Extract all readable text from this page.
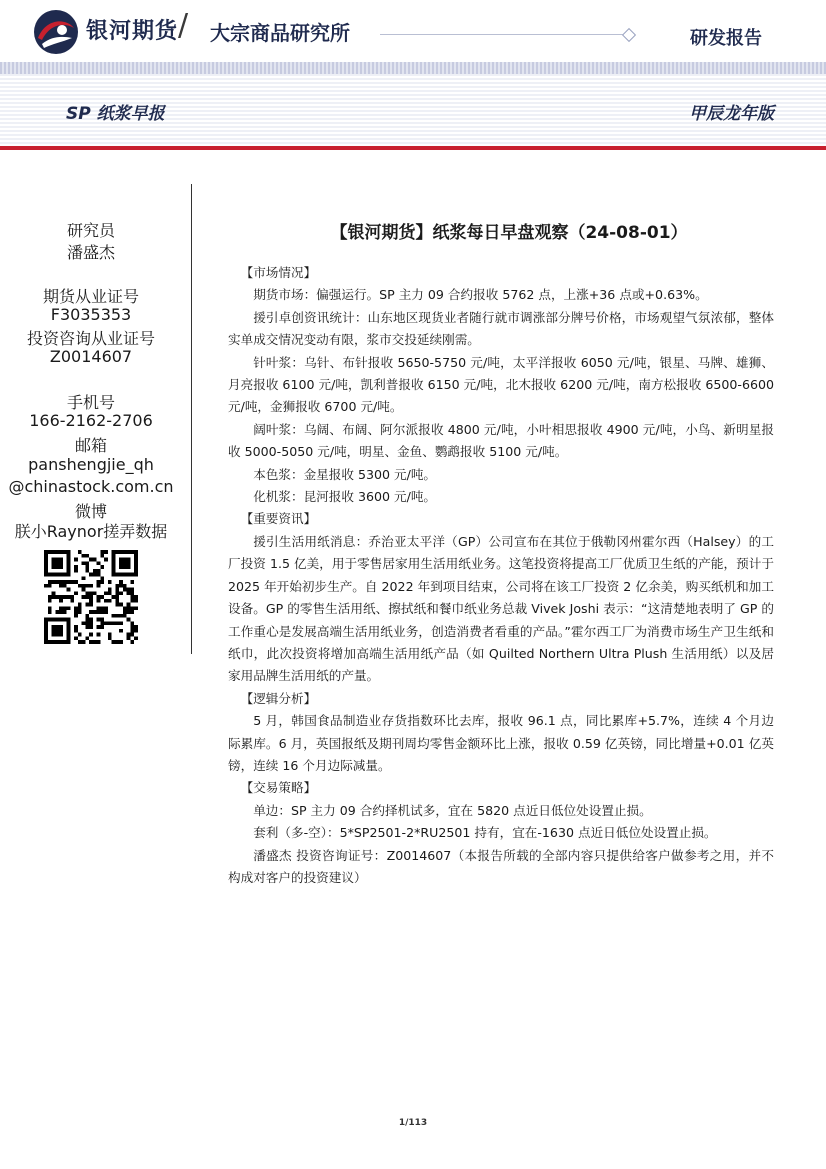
银河期货 / 大宗商品研究所	研发报告
SP 纸浆早报	甲辰龙年版
研究员
潘盛杰
期货从业证号
F3035353
投资咨询从业证号
Z0014607
手机号
166-2162-2706
邮箱
panshengjie_qh
@chinastock.com.cn
微博
朕小Raynor搓弄数据
【银河期货】纸浆每日早盘观察（24-08-01）

【市场情况】

期货市场：偏强运行。SP 主力 09 合约报收 5762 点，上涨+36 点或+0.63%。

援引卓创资讯统计：山东地区现货业者随行就市调涨部分牌号价格，市场观望气氛浓郁，整体实单成交情况变动有限，浆市交投延续刚需。

针叶浆：乌针、布针报收 5650-5750 元/吨，太平洋报收 6050 元/吨，银星、马牌、雄狮、月亮报收 6100 元/吨，凯利普报收 6150 元/吨，北木报收 6200 元/吨，南方松报收 6500-6600 元/吨，金狮报收 6700 元/吨。

阔叶浆：乌阔、布阔、阿尔派报收 4800 元/吨，小叶相思报收 4900 元/吨，小鸟、新明星报收 5000-5050 元/吨，明星、金鱼、鹦鹉报收 5100 元/吨。

本色浆：金星报收 5300 元/吨。

化机浆：昆河报收 3600 元/吨。

【重要资讯】

援引生活用纸消息：乔治亚太平洋（GP）公司宣布在其位于俄勒冈州霍尔西（Halsey）的工厂投资 1.5 亿美，用于零售居家用生活用纸业务。这笔投资将提高工厂优质卫生纸的产能，预计于 2025 年开始初步生产。自 2022 年到项目结束，公司将在该工厂投资 2 亿余美，购买纸机和加工设备。GP 的零售生活用纸、擦拭纸和餐巾纸业务总裁 Vivek Joshi 表示：“这清楚地表明了 GP 的工作重心是发展高端生活用纸业务，创造消费者看重的产品。”霍尔西工厂为消费市场生产卫生纸和纸巾，此次投资将增加高端生活用纸产品（如 Quilted Northern Ultra Plush 生活用纸）以及居家用品牌生活用纸的产量。

【逻辑分析】

5 月，韩国食品制造业存货指数环比去库，报收 96.1 点，同比累库+5.7%，连续 4 个月边际累库。6 月，英国报纸及期刊周均零售金额环比上涨，报收 0.59 亿英镑，同比增量+0.01 亿英镑，连续 16 个月边际减量。

【交易策略】

单边：SP 主力 09 合约择机试多，宜在 5820 点近日低位处设置止损。

套利（多-空）：5*SP2501-2*RU2501 持有，宜在-1630 点近日低位处设置止损。

潘盛杰 投资咨询证号：Z0014607（本报告所载的全部内容只提供给客户做参考之用，并不构成对客户的投资建议）

1/113
